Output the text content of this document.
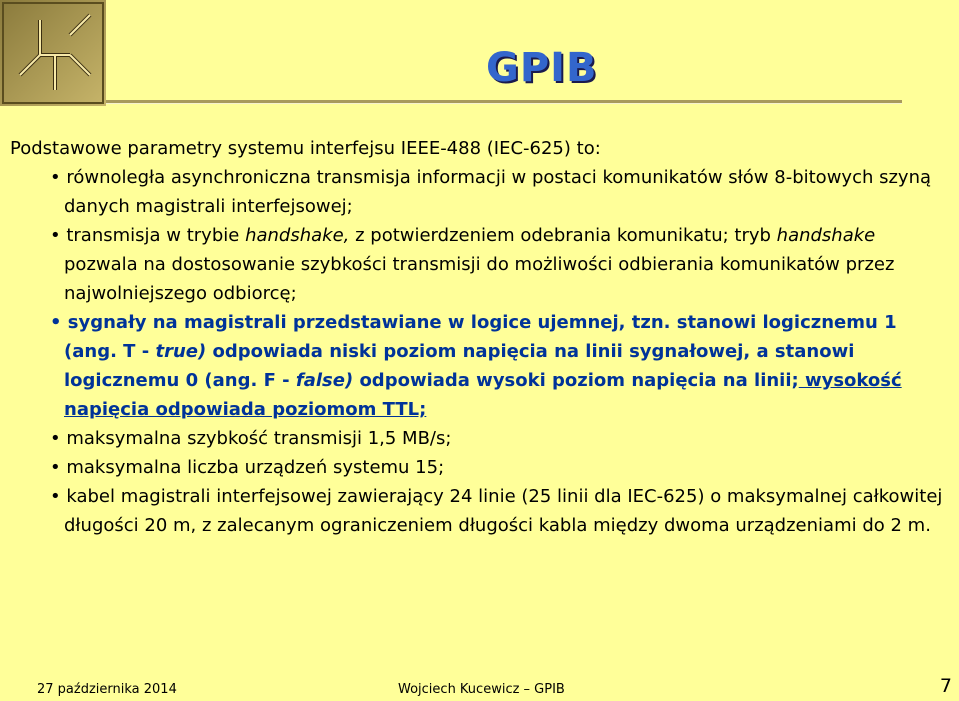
GPIB

Podstawowe parametry systemu interfejsu IEEE-488 (IEC-625) to:

• równoległa asynchroniczna transmisja informacji w postaci komunikatów słów 8-bitowych szyną danych magistrali interfejsowej;

• transmisja w trybie handshake, z potwierdzeniem odebrania komunikatu; tryb handshake pozwala na dostosowanie szybkości transmisji do możliwości odbierania komunikatów przez najwolniejszego odbiorcę;

• sygnały na magistrali przedstawiane w logice ujemnej, tzn. stanowi logicznemu 1 (ang. T - true) odpowiada niski poziom napięcia na linii sygnałowej, a stanowi logicznemu 0 (ang. F - false) odpowiada wysoki poziom napięcia na linii; wysokość napięcia odpowiada poziomom TTL;

• maksymalna szybkość transmisji 1,5 MB/s;

• maksymalna liczba urządzeń systemu 15;

• kabel magistrali interfejsowej zawierający 24 linie (25 linii dla IEC-625) o maksymalnej całkowitej długości 20 m, z zalecanym ograniczeniem długości kabla między dwoma urządzeniami do 2 m.

27 października 2014	Wojciech Kucewicz – GPIB	7
